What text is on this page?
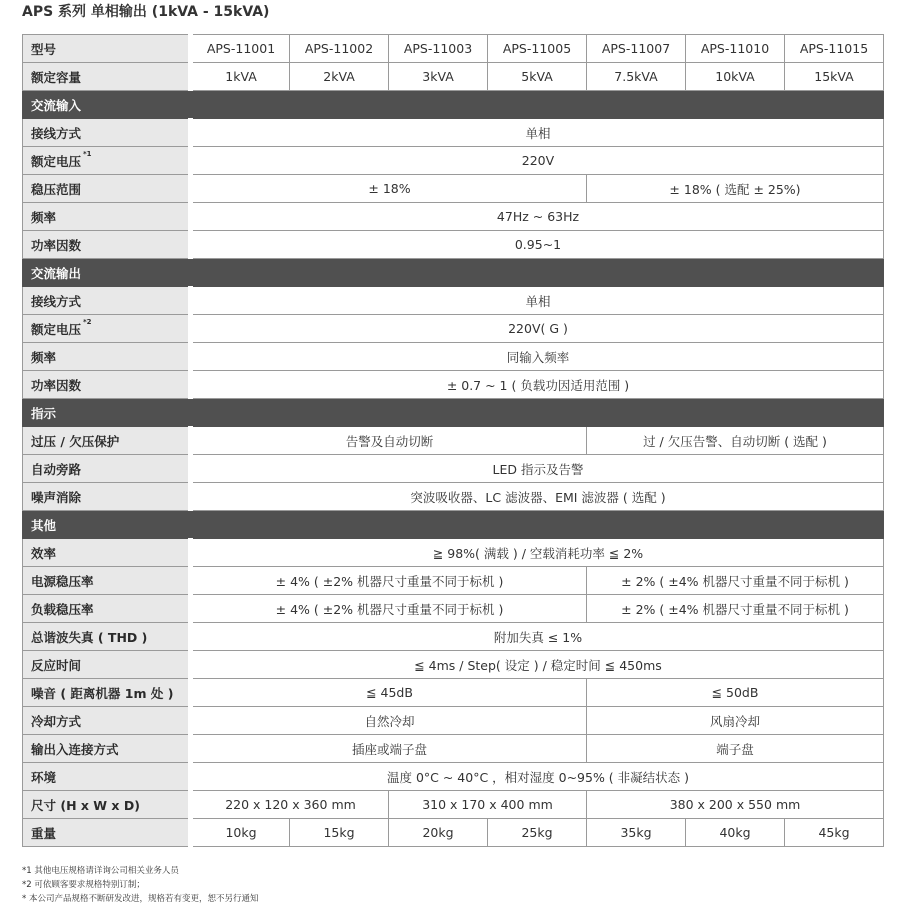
APS 系列 单相输出 (1kVA - 15kVA)
型号	APS-11001	APS-11002	APS-11003	APS-11005	APS-11007	APS-11010	APS-11015
额定容量	1kVA	2kVA	3kVA	5kVA	7.5kVA	10kVA	15kVA
交流输入							
接线方式	单相						
额定电压 $^{*1}$	220V						
稳压范围	± 18%				± 18% ( 选配 ± 25%)		
频率	47Hz ~ 63Hz						
功率因数	0.95~1						
交流输出							
接线方式	单相						
额定电压 $^{*2}$	220V( G )						
频率	同输入频率						
功率因数	± 0.7 ~ 1 ( 负载功因适用范围 )						
指示							
过压 / 欠压保护	告警及自动切断				过 / 欠压告警、自动切断 ( 选配 )		
自动旁路	LED 指示及告警						
噪声消除	突波吸收器、LC 滤波器、EMI 滤波器 ( 选配 )						
其他							
效率	≧ 98%( 满载 ) / 空载消耗功率 ≦ 2%						
电源稳压率	± 4% ( ±2% 机器尺寸重量不同于标机 )				± 2% ( ±4% 机器尺寸重量不同于标机 )		
负载稳压率	± 4% ( ±2% 机器尺寸重量不同于标机 )				± 2% ( ±4% 机器尺寸重量不同于标机 )		
总谐波失真 ( THD )	附加失真 ≤ 1%						
反应时间	≦ 4ms / Step( 设定 ) / 稳定时间 ≦ 450ms						
噪音 ( 距离机器 1m 处 )	≦ 45dB				≦ 50dB		
冷却方式	自然冷却				风扇冷却		
输出入连接方式	插座或端子盘				端子盘		
环境	温度 0°C ~ 40°C ，相对湿度 0~95% ( 非凝结状态 )						
尺寸 (H x W x D)	220 x 120 x 360 mm		310 x 170 x 400 mm		380 x 200 x 550 mm		
重量	10kg	15kg	20kg	25kg	35kg	40kg	45kg
*1 其他电压规格请详询公司相关业务人员
*2 可依顾客要求规格特别订制；
* 本公司产品规格不断研发改进，规格若有变更，恕不另行通知
